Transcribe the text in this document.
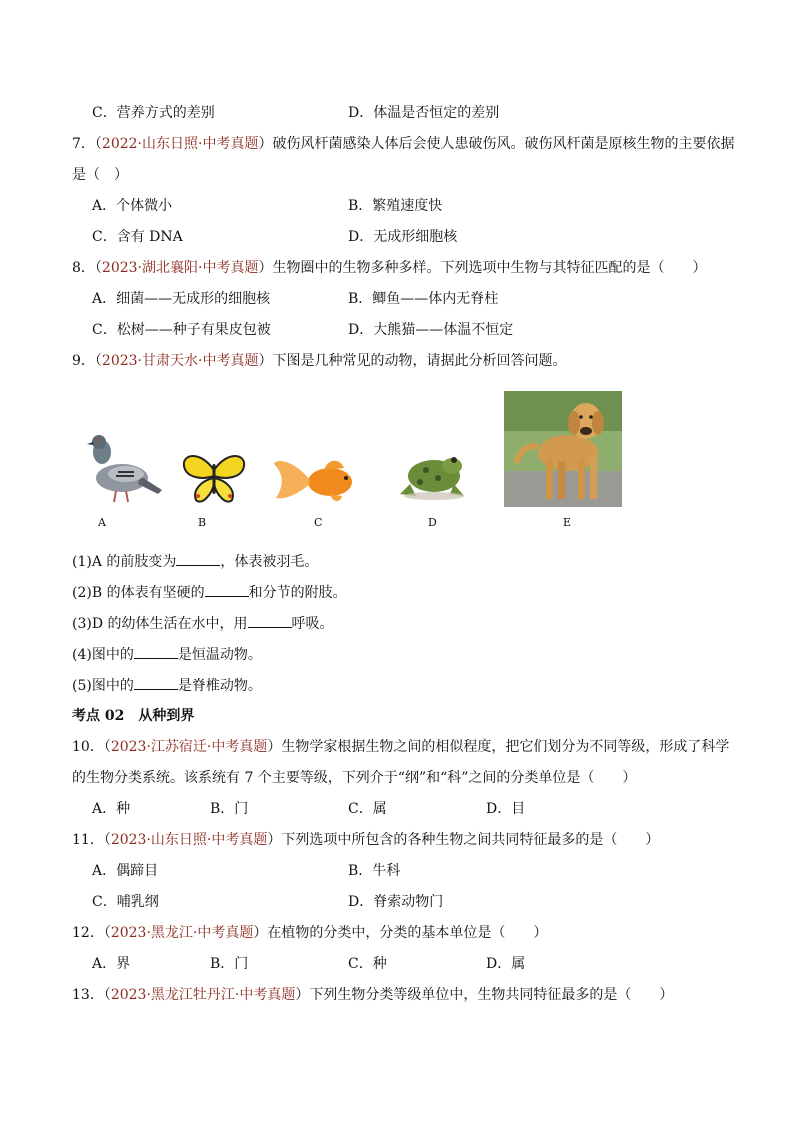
C．营养方式的差别	D．体温是否恒定的差别
7．（2022·山东日照·中考真题）破伤风杆菌感染人体后会使人患破伤风。破伤风杆菌是原核生物的主要依据
是（　）
A．个体微小	B．繁殖速度快
C．含有 DNA	D．无成形细胞核
8．（2023·湖北襄阳·中考真题）生物圈中的生物多种多样。下列选项中生物与其特征匹配的是（　　）
A．细菌——无成形的细胞核	B．鲫鱼——体内无脊柱
C．松树——种子有果皮包被	D．大熊猫——体温不恒定
9．（2023·甘肃天水·中考真题）下图是几种常见的动物，请据此分析回答问题。
A	B	C	D	E
(1)A 的前肢变为	，体表被羽毛。
(2)B 的体表有坚硬的	和分节的附肢。
(3)D 的幼体生活在水中，用	呼吸。
(4)图中的	是恒温动物。
(5)图中的	是脊椎动物。
考点 02　从种到界
10．（2023·江苏宿迁·中考真题）生物学家根据生物之间的相似程度，把它们划分为不同等级，形成了科学
的生物分类系统。该系统有 7 个主要等级，下列介于“纲”和“科”之间的分类单位是（　　）
A．种	B．门	C．属	D．目
11．（2023·山东日照·中考真题）下列选项中所包含的各种生物之间共同特征最多的是（　　）
A．偶蹄目	B．牛科
C．哺乳纲	D．脊索动物门
12．（2023·黑龙江·中考真题）在植物的分类中，分类的基本单位是（　　）
A．界	B．门	C．种	D．属
13．（2023·黑龙江牡丹江·中考真题）下列生物分类等级单位中，生物共同特征最多的是（　　）
